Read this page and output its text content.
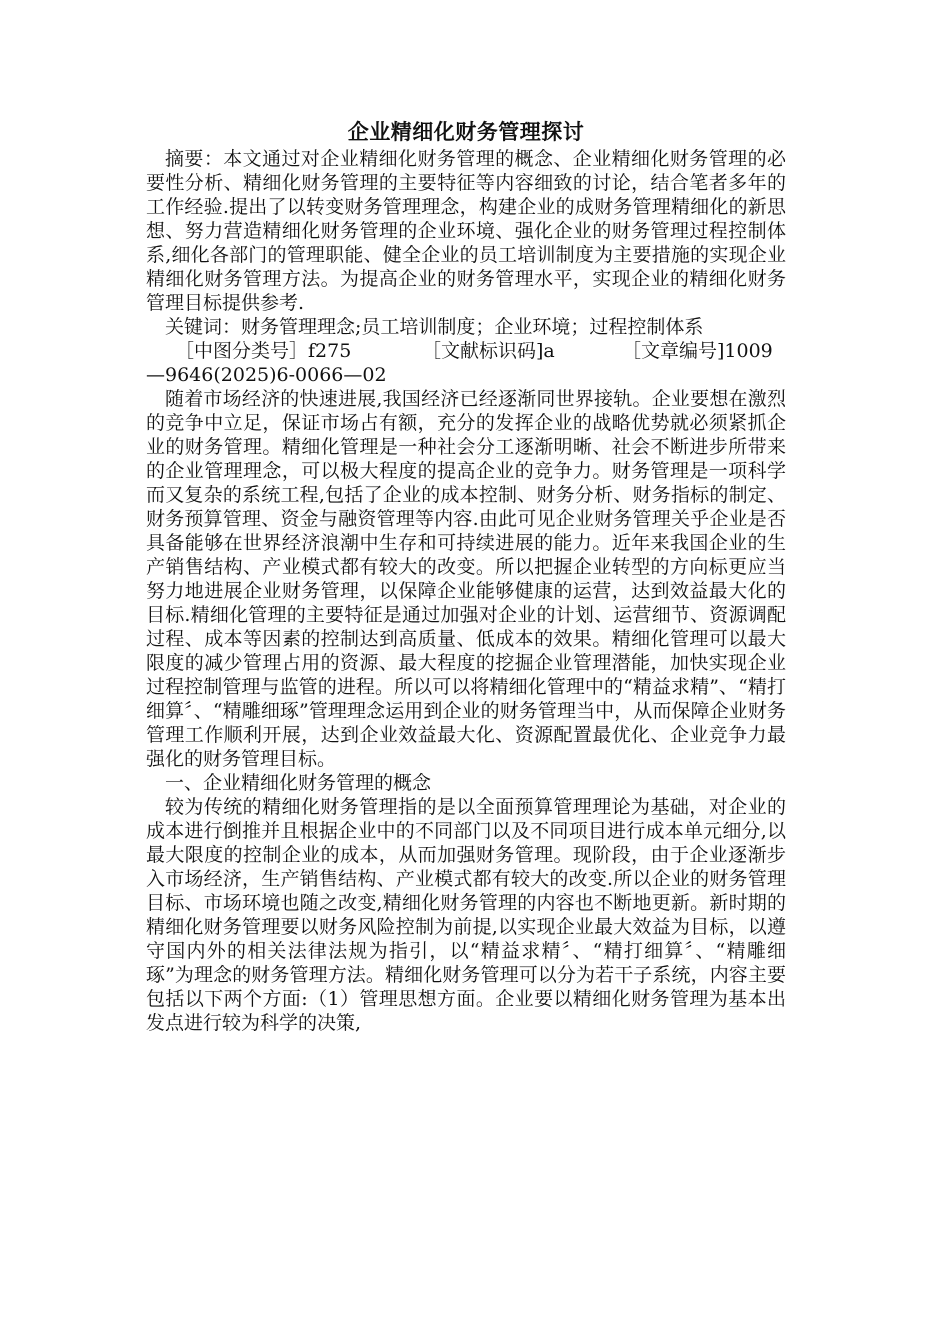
企业精细化财务管理探讨

摘要：本文通过对企业精细化财务管理的概念、企业精细化财务管理的必要性分析、精细化财务管理的主要特征等内容细致的讨论，结合笔者多年的工作经验.提出了以转变财务管理理念，构建企业的成财务管理精细化的新思想、努力营造精细化财务管理的企业环境、强化企业的财务管理过程控制体系,细化各部门的管理职能、健全企业的员工培训制度为主要措施的实现企业精细化财务管理方法。为提高企业的财务管理水平，实现企业的精细化财务管理目标提供参考.

关键词：财务管理理念;员工培训制度；企业环境；过程控制体系

［中图分类号］f275	［文献标识码]a	［文章编号]1009

—9646(2025)6-0066—02

随着市场经济的快速进展,我国经济已经逐渐同世界接轨。企业要想在激烈的竞争中立足，保证市场占有额，充分的发挥企业的战略优势就必须紧抓企业的财务管理。精细化管理是一种社会分工逐渐明晰、社会不断进步所带来的企业管理理念，可以极大程度的提高企业的竞争力。财务管理是一项科学而又复杂的系统工程,包括了企业的成本控制、财务分析、财务指标的制定、财务预算管理、资金与融资管理等内容.由此可见企业财务管理关乎企业是否具备能够在世界经济浪潮中生存和可持续进展的能力。近年来我国企业的生产销售结构、产业模式都有较大的改变。所以把握企业转型的方向标更应当努力地进展企业财务管理，以保障企业能够健康的运营，达到效益最大化的目标.精细化管理的主要特征是通过加强对企业的计划、运营细节、资源调配过程、成本等因素的控制达到高质量、低成本的效果。精细化管理可以最大限度的减少管理占用的资源、最大程度的挖掘企业管理潜能，加快实现企业过程控制管理与监管的进程。所以可以将精细化管理中的“精益求精”、“精打细算〞、“精雕细琢”管理理念运用到企业的财务管理当中，从而保障企业财务管理工作顺利开展，达到企业效益最大化、资源配置最优化、企业竞争力最强化的财务管理目标。

一、企业精细化财务管理的概念

较为传统的精细化财务管理指的是以全面预算管理理论为基础，对企业的成本进行倒推并且根据企业中的不同部门以及不同项目进行成本单元细分,以最大限度的控制企业的成本，从而加强财务管理。现阶段，由于企业逐渐步入市场经济，生产销售结构、产业模式都有较大的改变.所以企业的财务管理目标、市场环境也随之改变,精细化财务管理的内容也不断地更新。新时期的精细化财务管理要以财务风险控制为前提,以实现企业最大效益为目标，以遵守国内外的相关法律法规为指引，以“精益求精〞、“精打细算〞、“精雕细琢”为理念的财务管理方法。精细化财务管理可以分为若干子系统，内容主要包括以下两个方面:（1）管理思想方面。企业要以精细化财务管理为基本出发点进行较为科学的决策,
